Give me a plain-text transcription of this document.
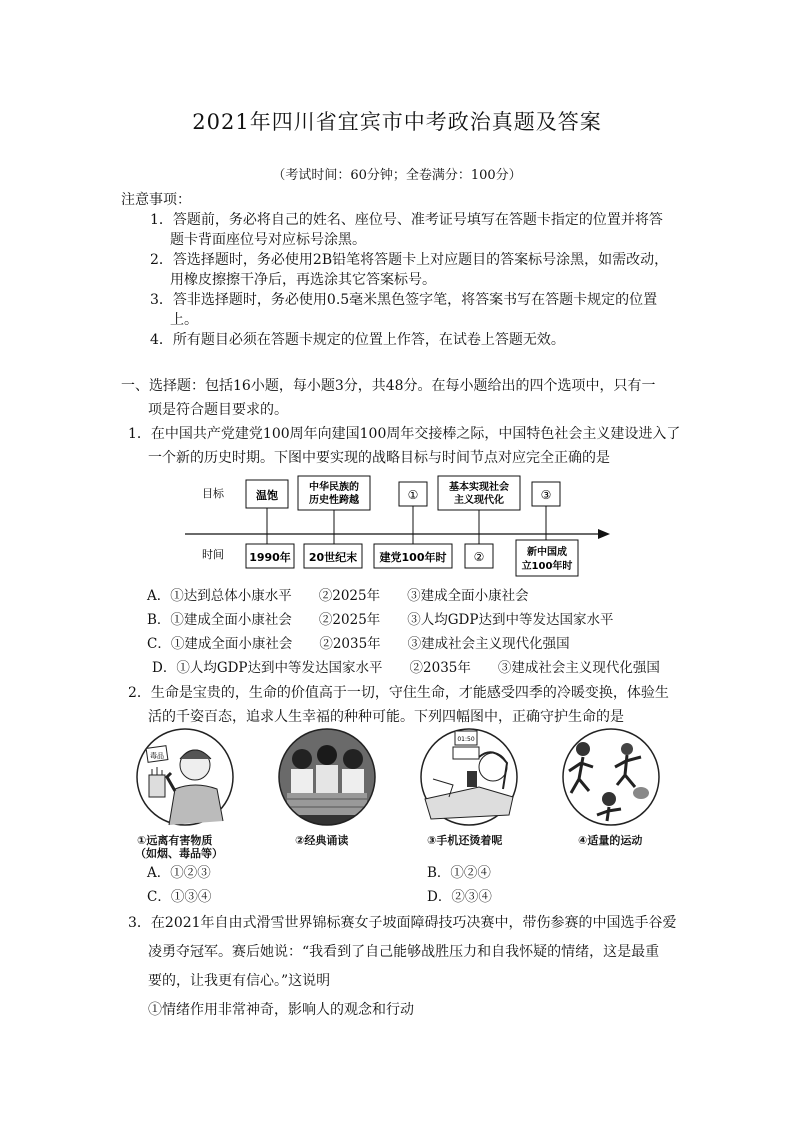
2021年四川省宜宾市中考政治真题及答案
（考试时间：60分钟；全卷满分：100分）
注意事项：
1．答题前，务必将自己的姓名、座位号、准考证号填写在答题卡指定的位置并将答
题卡背面座位号对应标号涂黑。
2．答选择题时，务必使用2B铅笔将答题卡上对应题目的答案标号涂黑，如需改动，
用橡皮擦擦干净后，再选涂其它答案标号。
3．答非选择题时，务必使用0.5毫米黑色签字笔，将答案书写在答题卡规定的位置
上。
4．所有题目必须在答题卡规定的位置上作答，在试卷上答题无效。
一、选择题：包括16小题，每小题3分，共48分。在每小题给出的四个选项中，只有一
项是符合题目要求的。
1．在中国共产党建党100周年向建国100周年交接棒之际，中国特色社会主义建设进入了
一个新的历史时期。下图中要实现的战略目标与时间节点对应完全正确的是
目标
时间
温饱
中华民族的
历史性跨越	①
基本实现社会
主义现代化	③
1990年 20世纪末 建党100年时 ②	新中国成
立100年时
A．①达到总体小康水平　　②2025年　　③建成全面小康社会
B．①建成全面小康社会　　②2025年　　③人均GDP达到中等发达国家水平
C．①建成全面小康社会　　②2035年　　③建成社会主义现代化强国
D．①人均GDP达到中等发达国家水平　　②2035年　　③建成社会主义现代化强国
2．生命是宝贵的，生命的价值高于一切，守住生命，才能感受四季的冷暖变换，体验生
活的千姿百态，追求人生幸福的种种可能。下列四幅图中，正确守护生命的是
毒品
01:50
①远离有害物质
（如烟、毒品等）
②经典诵读	③手机还烫着呢	④适量的运动
A．①②③	B．①②④
C．①③④	D．②③④
3．在2021年自由式滑雪世界锦标赛女子坡面障碍技巧决赛中，带伤参赛的中国选手谷爱
凌勇夺冠军。赛后她说：“我看到了自己能够战胜压力和自我怀疑的情绪，这是最重
要的，让我更有信心。”这说明
①情绪作用非常神奇，影响人的观念和行动
